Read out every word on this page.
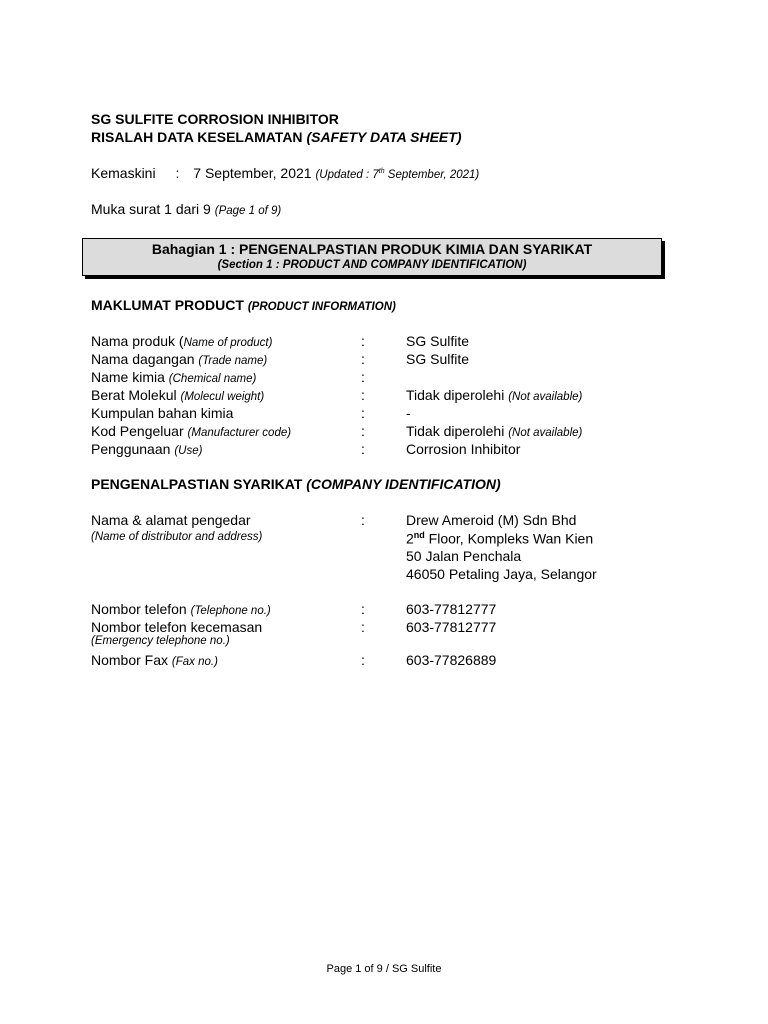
SG SULFITE CORROSION INHIBITOR
RISALAH DATA KESELAMATAN (SAFETY DATA SHEET)
Kemaskini : 7 September, 2021 (Updated : 7th September, 2021)
Muka surat 1 dari 9 (Page 1 of 9)
Bahagian 1 : PENGENALPASTIAN PRODUK KIMIA DAN SYARIKAT
(Section 1 : PRODUCT AND COMPANY IDENTIFICATION)
MAKLUMAT PRODUCT (PRODUCT INFORMATION)
Nama produk (Name of product)	:	SG Sulfite
Nama dagangan (Trade name)	:	SG Sulfite
Name kimia (Chemical name)	:
Berat Molekul (Molecul weight)	:	Tidak diperolehi (Not available)
Kumpulan bahan kimia	:	-
Kod Pengeluar (Manufacturer code)	:	Tidak diperolehi (Not available)
Penggunaan (Use)	:	Corrosion Inhibitor
PENGENALPASTIAN SYARIKAT (COMPANY IDENTIFICATION)
Nama & alamat pengedar
(Name of distributor and address)
:	Drew Ameroid (M) Sdn Bhd
2nd Floor, Kompleks Wan Kien
50 Jalan Penchala
46050 Petaling Jaya, Selangor
Nombor telefon (Telephone no.)	:	603-77812777
Nombor telefon kecemasan
(Emergency telephone no.)
:	603-77812777
Nombor Fax (Fax no.)	:	603-77826889
Page 1 of 9 / SG Sulfite
